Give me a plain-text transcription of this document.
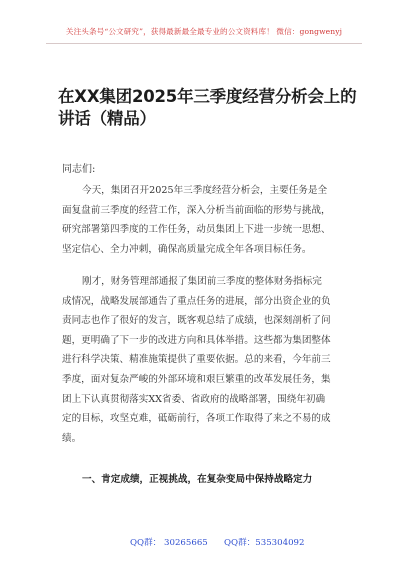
关注头条号“公文研究”，获得最新最全最专业的公文资料库！ 微信：gongwenyj
在XX集团2025年三季度经营分析会上的
讲话（精品）
同志们:
今天，集团召开2025年三季度经营分析会，主要任务是全
面复盘前三季度的经营工作，深入分析当前面临的形势与挑战，
研究部署第四季度的工作任务，动员集团上下进一步统一思想、
坚定信心、全力冲刺，确保高质量完成全年各项目标任务。
刚才，财务管理部通报了集团前三季度的整体财务指标完
成情况，战略发展部通告了重点任务的进展，部分出资企业的负
责同志也作了很好的发言，既客观总结了成绩，也深刻剖析了问
题，更明确了下一步的改进方向和具体举措。这些都为集团整体
进行科学决策、精准施策提供了重要依据。总的来看，今年前三
季度，面对复杂严峻的外部环境和艰巨繁重的改革发展任务，集
团上下认真贯彻落实XX省委、省政府的战略部署，围绕年初确
定的目标，攻坚克难，砥砺前行，各项工作取得了来之不易的成
绩。
一、肯定成绩，正视挑战，在复杂变局中保持战略定力
QQ群： 30265665 QQ群：535304092
